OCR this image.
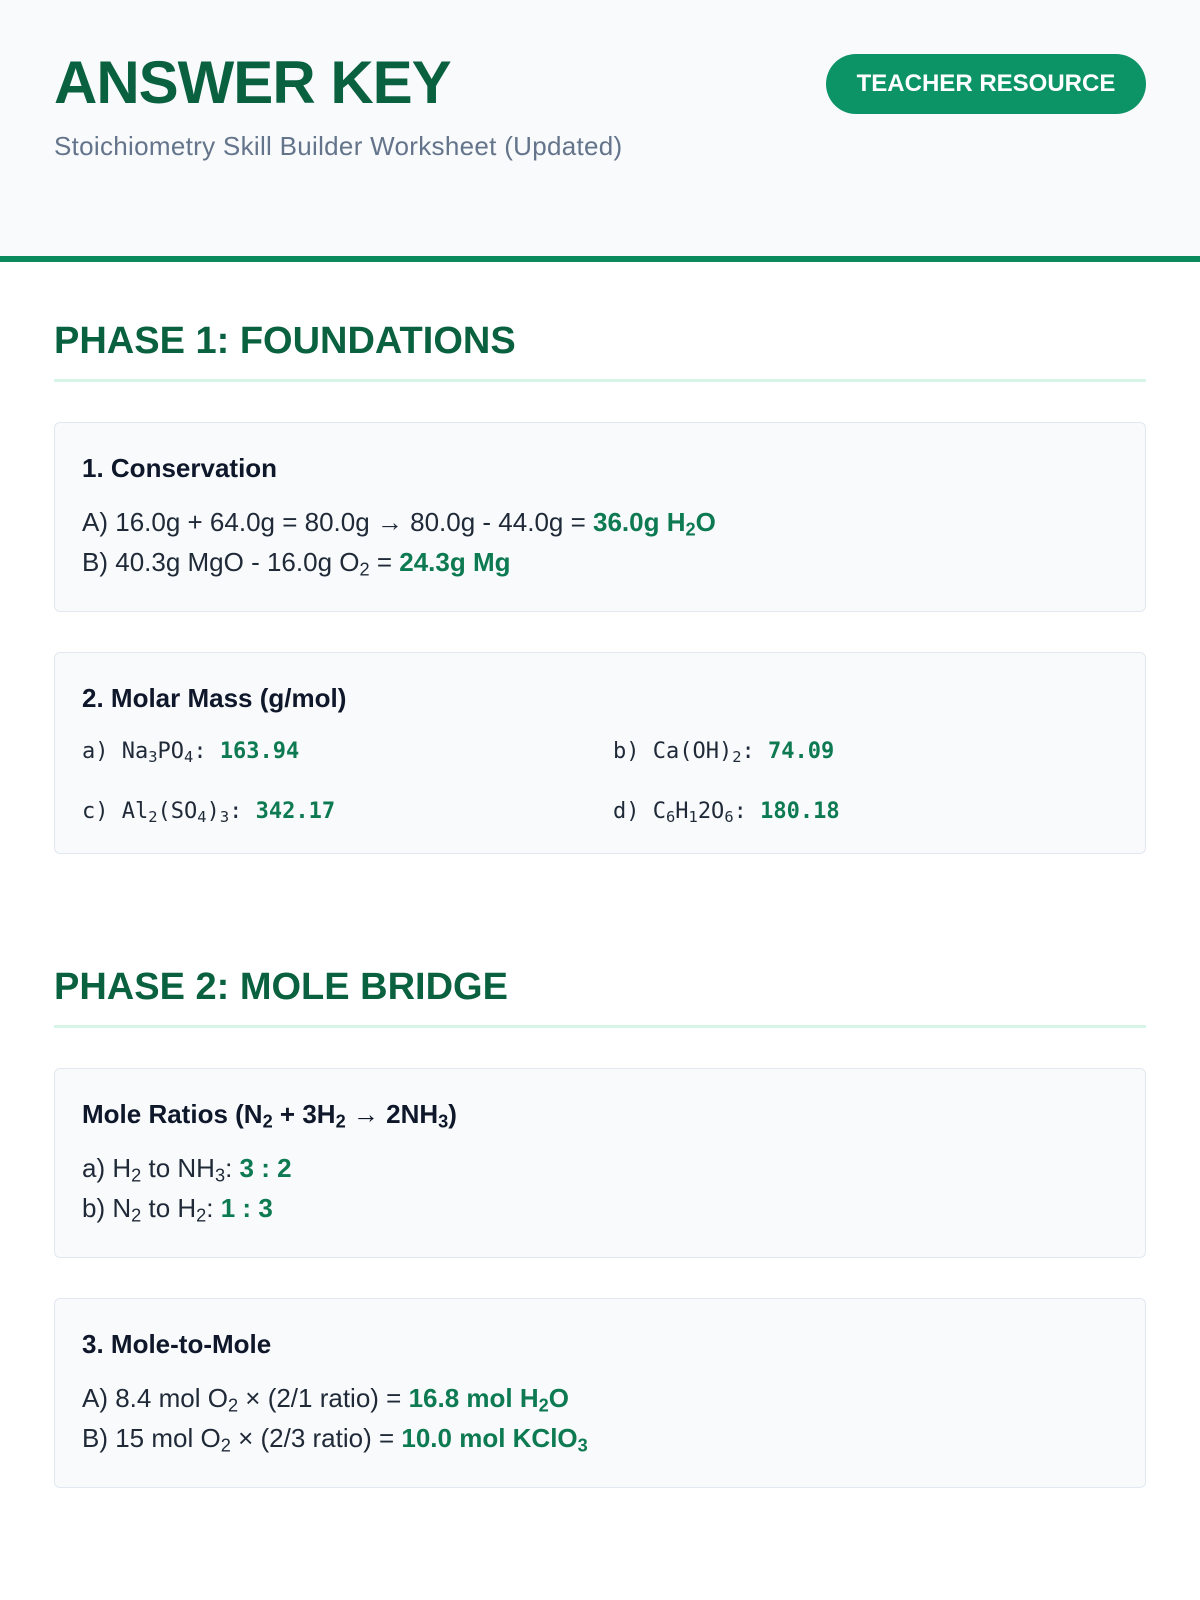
ANSWER KEY
Stoichiometry Skill Builder Worksheet (Updated)
TEACHER RESOURCE
PHASE 1: FOUNDATIONS
1. Conservation
A) 16.0g + 64.0g = 80.0g → 80.0g - 44.0g = 36.0g $H_2O$
B) 40.3g MgO - 16.0g $O_2 = 24.3g$ Mg
2. Molar Mass (g/mol)
a) $Na_3PO_4$: 163.94	b) $Ca(OH)_2$: 74.09
c) $Al_2(SO_4)_3$: 342.17	d) $C_6H_12O_6$: 180.18
PHASE 2: MOLE BRIDGE
Mole Ratios $(N_2 + 3H_2 \to 2NH_3)$
a) $H_2$ to $NH_3$: 3 : 2
b) $N_2$ to $H_2$: 1 : 3
3. Mole-to-Mole
A) 8.4 mol $O_2 \times (2/1$ ratio) = 16.8 mol $H_2O$
B) 15 mol $O_2 \times (2/3$ ratio) = 10.0 mol KClO$_3$
